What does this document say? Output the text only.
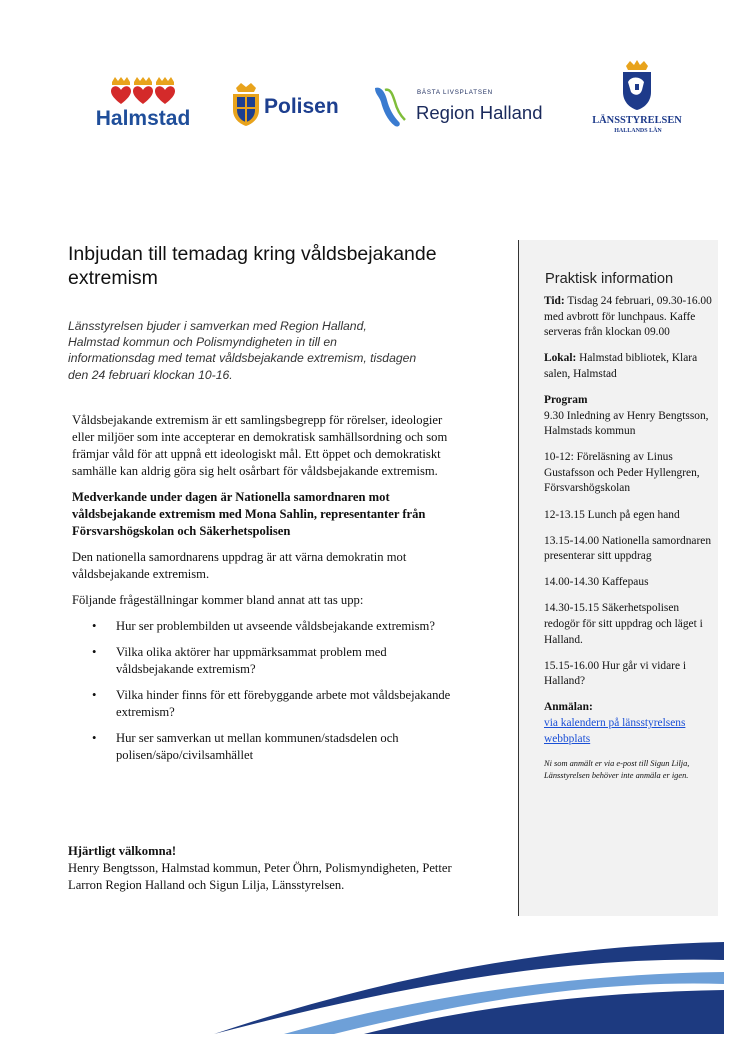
Halmstad
Polisen
BÄSTA LIVSPLATSEN
Region Halland	LÄNSSTYRELSEN
HALLANDS LÄN
Inbjudan till temadag kring våldsbejakande extremism

Länsstyrelsen bjuder i samverkan med Region Halland, Halmstad kommun och Polismyndigheten in till en informationsdag med temat våldsbejakande extremism, tisdagen den 24 februari klockan 10-16.

Våldsbejakande extremism är ett samlingsbegrepp för rörelser, ideologier eller miljöer som inte accepterar en demokratisk samhällsordning och som främjar våld för att uppnå ett ideologiskt mål. Ett öppet och demokratiskt samhälle kan aldrig göra sig helt osårbart för våldsbejakande extremism.

Medverkande under dagen är Nationella samordnaren mot våldsbejakande extremism med Mona Sahlin, representanter från Försvarshögskolan och Säkerhetspolisen

Den nationella samordnarens uppdrag är att värna demokratin mot våldsbejakande extremism.

Följande frågeställningar kommer bland annat att tas upp:

• Hur ser problembilden ut avseende våldsbejakande extremism?
• Vilka olika aktörer har uppmärksammat problem med våldsbejakande extremism?
• Vilka hinder finns för ett förebyggande arbete mot våldsbejakande extremism?
• Hur ser samverkan ut mellan kommunen/stadsdelen och polisen/säpo/civilsamhället
Hjärtligt välkomna!
Henry Bengtsson, Halmstad kommun, Peter Öhrn, Polismyndigheten, Petter Larron Region Halland och Sigun Lilja, Länsstyrelsen.
Praktisk information

Tid: Tisdag 24 februari, 09.30-16.00 med avbrott för lunchpaus. Kaffe serveras från klockan 09.00

Lokal: Halmstad bibliotek, Klara salen, Halmstad

Program
9.30 Inledning av Henry Bengtsson, Halmstads kommun

10-12: Föreläsning av Linus Gustafsson och Peder Hyllengren, Försvarshögskolan

12-13.15 Lunch på egen hand

13.15-14.00 Nationella samordnaren presenterar sitt uppdrag

14.00-14.30 Kaffepaus

14.30-15.15 Säkerhetspolisen redogör för sitt uppdrag och läget i Halland.

15.15-16.00 Hur går vi vidare i Halland?

Anmälan:
via kalendern på länsstyrelsens webbplats

Ni som anmält er via e-post till Sigun Lilja, Länsstyrelsen behöver inte anmäla er igen.
